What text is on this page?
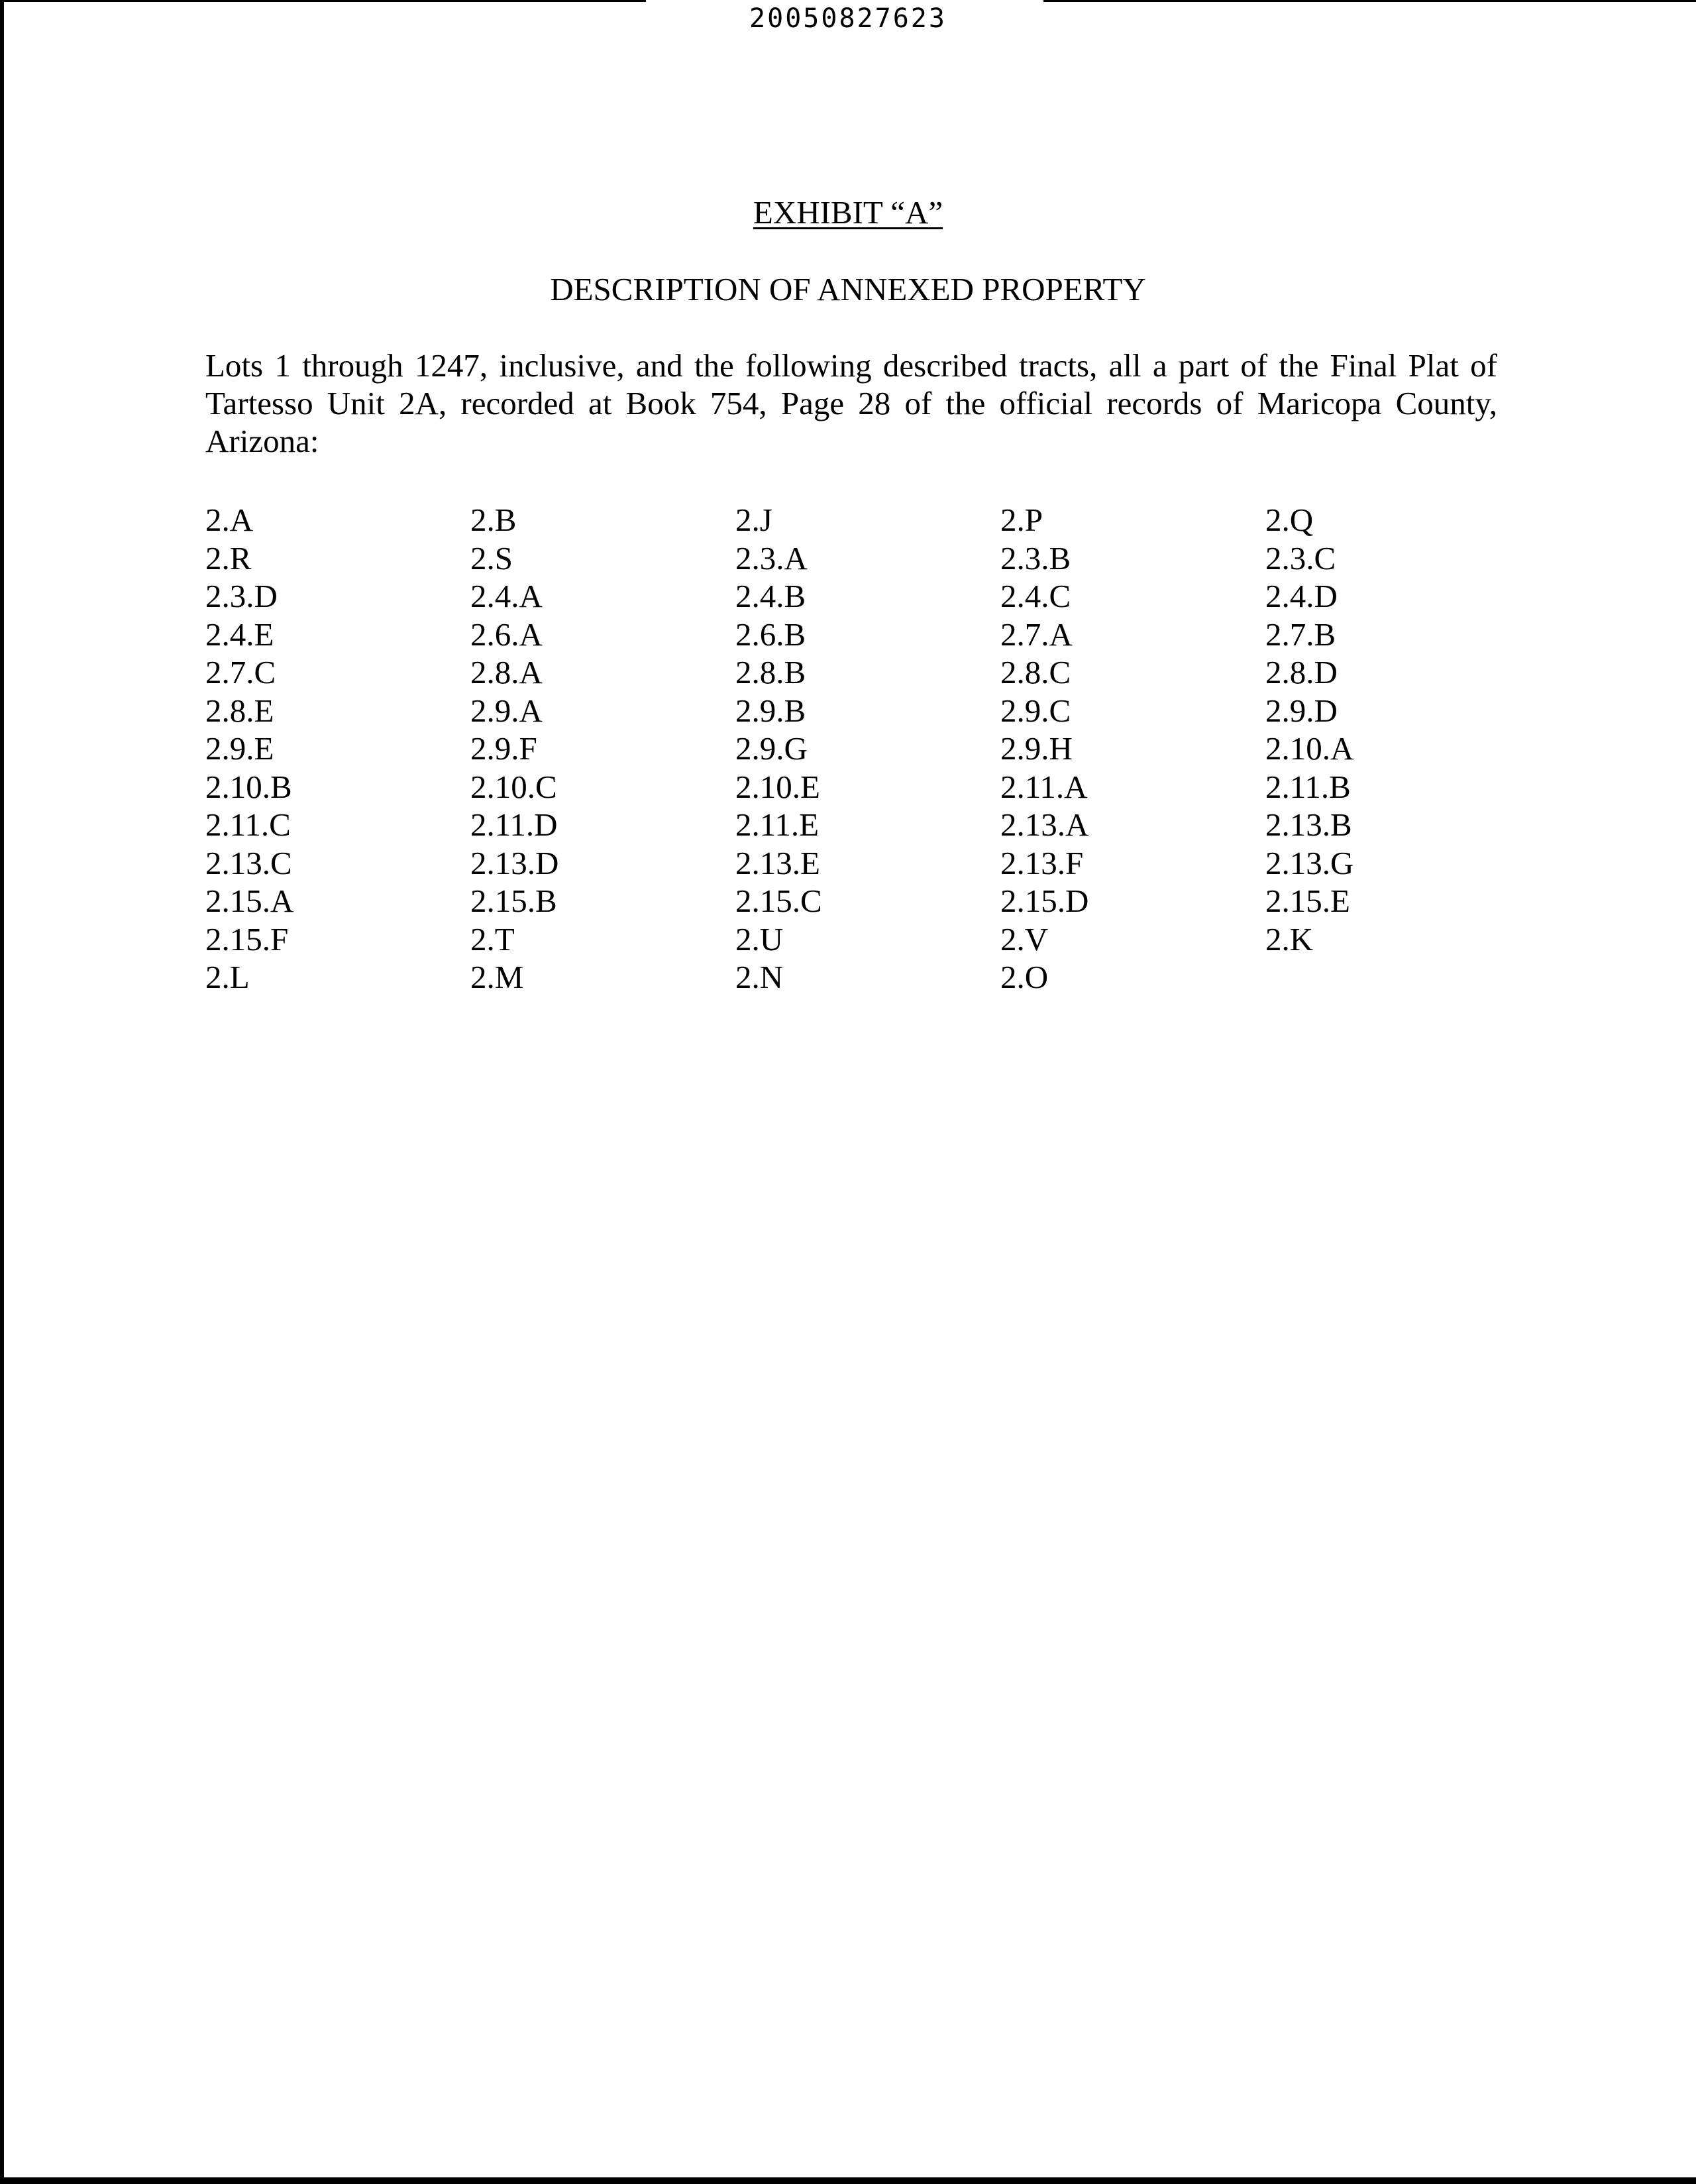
20050827623
EXHIBIT “A”
DESCRIPTION OF ANNEXED PROPERTY

Lots 1 through 1247, inclusive, and the following described tracts, all a part of the Final Plat of Tartesso Unit 2A, recorded at Book 754, Page 28 of the official records of Maricopa County, Arizona:

2.A	2.B	2.J	2.P	2.Q
2.R	2.S	2.3.A	2.3.B	2.3.C
2.3.D	2.4.A	2.4.B	2.4.C	2.4.D
2.4.E	2.6.A	2.6.B	2.7.A	2.7.B
2.7.C	2.8.A	2.8.B	2.8.C	2.8.D
2.8.E	2.9.A	2.9.B	2.9.C	2.9.D
2.9.E	2.9.F	2.9.G	2.9.H	2.10.A
2.10.B	2.10.C	2.10.E	2.11.A	2.11.B
2.11.C	2.11.D	2.11.E	2.13.A	2.13.B
2.13.C	2.13.D	2.13.E	2.13.F	2.13.G
2.15.A	2.15.B	2.15.C	2.15.D	2.15.E
2.15.F	2.T	2.U	2.V	2.K
2.L	2.M	2.N	2.O
